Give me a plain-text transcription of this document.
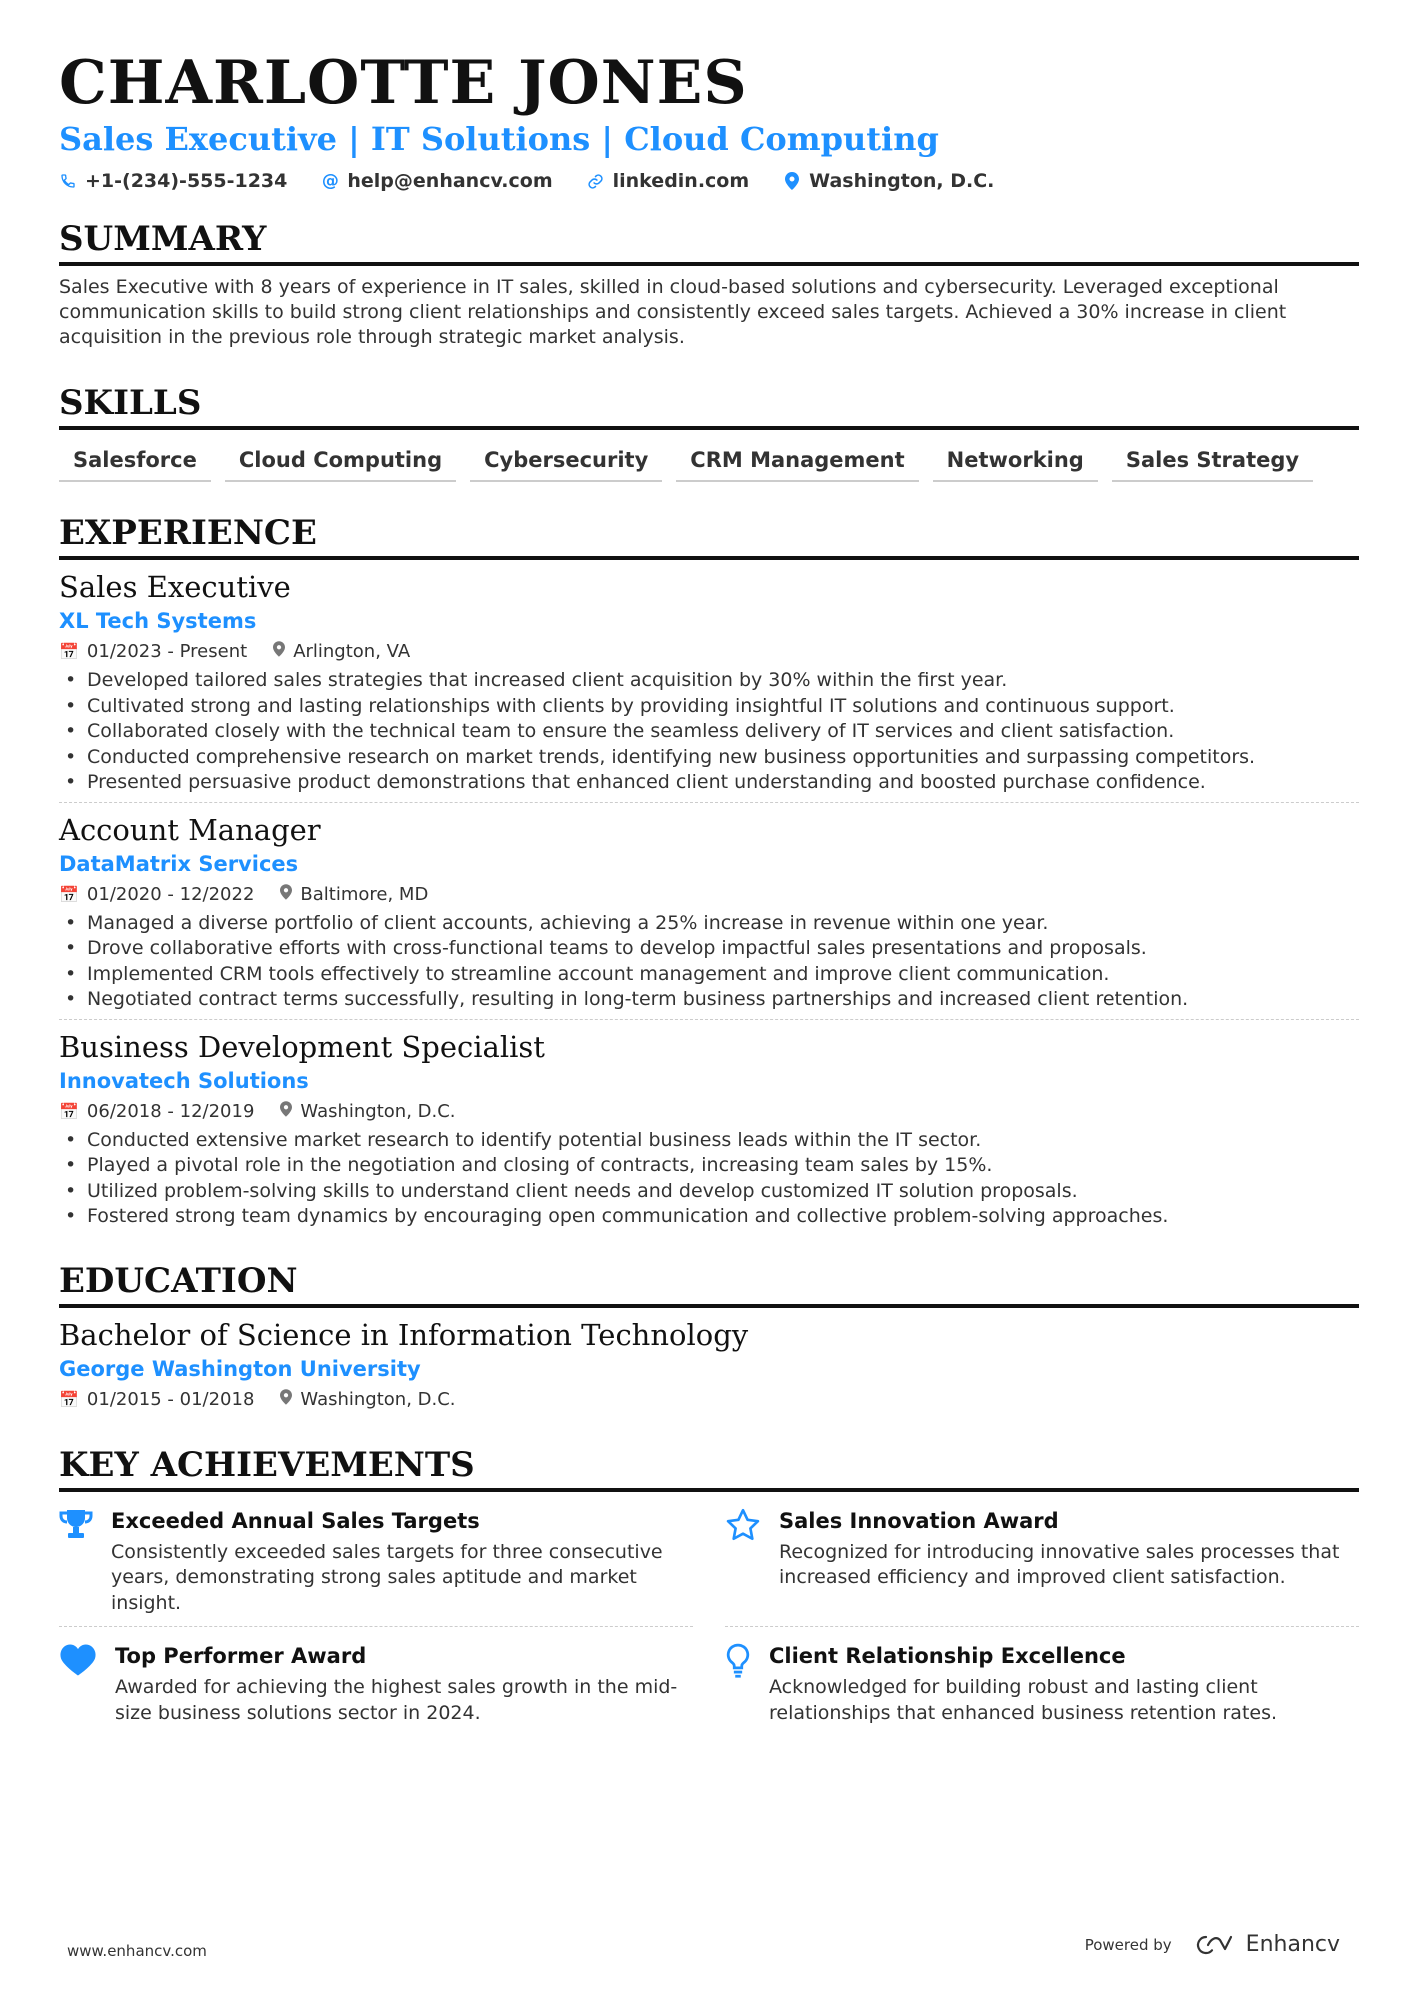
CHARLOTTE JONES
Sales Executive | IT Solutions | Cloud Computing
+1-(234)-555-1234 @ help@enhancv.com	linkedin.com	Washington, D.C.
SUMMARY
Sales Executive with 8 years of experience in IT sales, skilled in cloud-based solutions and cybersecurity. Leveraged exceptional communication skills to build strong client relationships and consistently exceed sales targets. Achieved a 30% increase in client acquisition in the previous role through strategic market analysis.
SKILLS
Salesforce	Cloud Computing	Cybersecurity	CRM Management	Networking	Sales Strategy
EXPERIENCE
Sales Executive
XL Tech Systems
📅 01/2023 - Present	Arlington, VA
• Developed tailored sales strategies that increased client acquisition by 30% within the first year.
• Cultivated strong and lasting relationships with clients by providing insightful IT solutions and continuous support.
• Collaborated closely with the technical team to ensure the seamless delivery of IT services and client satisfaction.
• Conducted comprehensive research on market trends, identifying new business opportunities and surpassing competitors.
• Presented persuasive product demonstrations that enhanced client understanding and boosted purchase confidence.
Account Manager
DataMatrix Services
📅 01/2020 - 12/2022	Baltimore, MD
• Managed a diverse portfolio of client accounts, achieving a 25% increase in revenue within one year.
• Drove collaborative efforts with cross-functional teams to develop impactful sales presentations and proposals.
• Implemented CRM tools effectively to streamline account management and improve client communication.
• Negotiated contract terms successfully, resulting in long-term business partnerships and increased client retention.
Business Development Specialist
Innovatech Solutions
📅 06/2018 - 12/2019	Washington, D.C.
• Conducted extensive market research to identify potential business leads within the IT sector.
• Played a pivotal role in the negotiation and closing of contracts, increasing team sales by 15%.
• Utilized problem-solving skills to understand client needs and develop customized IT solution proposals.
• Fostered strong team dynamics by encouraging open communication and collective problem-solving approaches.
EDUCATION
Bachelor of Science in Information Technology
George Washington University
📅 01/2015 - 01/2018	Washington, D.C.
KEY ACHIEVEMENTS
Exceeded Annual Sales Targets
Consistently exceeded sales targets for three consecutive years, demonstrating strong sales aptitude and market insight.
Sales Innovation Award
Recognized for introducing innovative sales processes that increased efficiency and improved client satisfaction.
Top Performer Award
Awarded for achieving the highest sales growth in the mid-size business solutions sector in 2024.
Client Relationship Excellence
Acknowledged for building robust and lasting client relationships that enhanced business retention rates.
www.enhancv.com	Powered by	Enhancv
